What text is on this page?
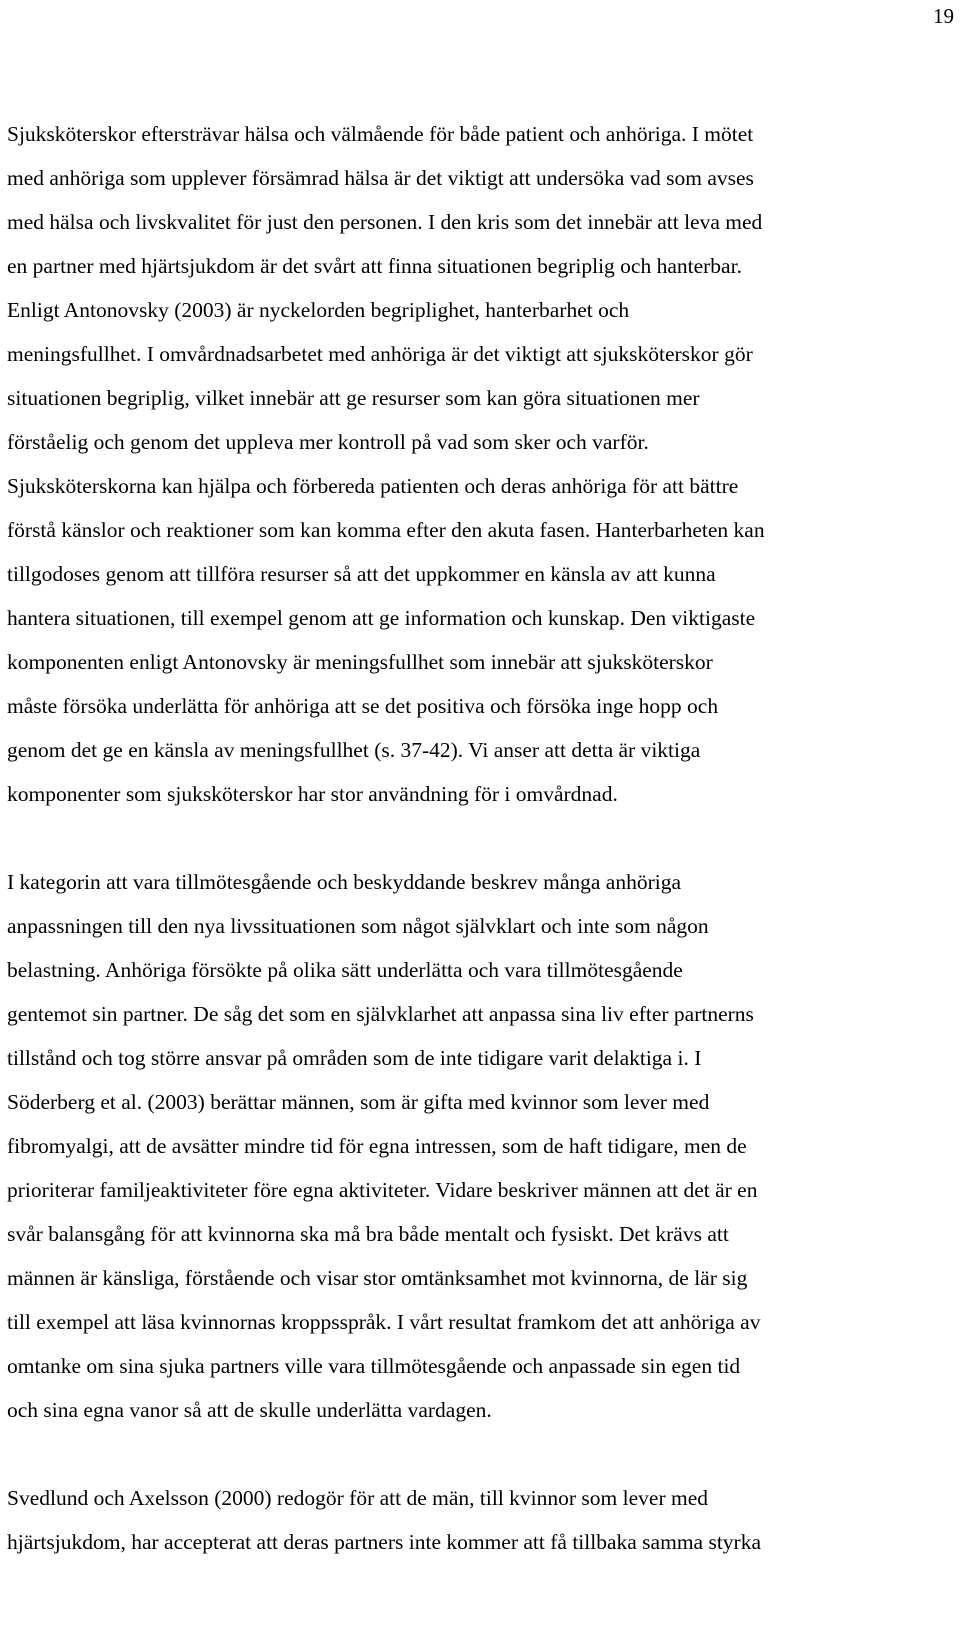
19
Sjuksköterskor eftersträvar hälsa och välmående för både patient och anhöriga. I mötet
med anhöriga som upplever försämrad hälsa är det viktigt att undersöka vad som avses
med hälsa och livskvalitet för just den personen. I den kris som det innebär att leva med
en partner med hjärtsjukdom är det svårt att finna situationen begriplig och hanterbar.
Enligt Antonovsky (2003) är nyckelorden begriplighet, hanterbarhet och
meningsfullhet. I omvårdnadsarbetet med anhöriga är det viktigt att sjuksköterskor gör
situationen begriplig, vilket innebär att ge resurser som kan göra situationen mer
förståelig och genom det uppleva mer kontroll på vad som sker och varför.
Sjuksköterskorna kan hjälpa och förbereda patienten och deras anhöriga för att bättre
förstå känslor och reaktioner som kan komma efter den akuta fasen. Hanterbarheten kan
tillgodoses genom att tillföra resurser så att det uppkommer en känsla av att kunna
hantera situationen, till exempel genom att ge information och kunskap. Den viktigaste
komponenten enligt Antonovsky är meningsfullhet som innebär att sjuksköterskor
måste försöka underlätta för anhöriga att se det positiva och försöka inge hopp och
genom det ge en känsla av meningsfullhet (s. 37-42). Vi anser att detta är viktiga
komponenter som sjuksköterskor har stor användning för i omvårdnad.
I kategorin att vara tillmötesgående och beskyddande beskrev många anhöriga
anpassningen till den nya livssituationen som något självklart och inte som någon
belastning. Anhöriga försökte på olika sätt underlätta och vara tillmötesgående
gentemot sin partner. De såg det som en självklarhet att anpassa sina liv efter partnerns
tillstånd och tog större ansvar på områden som de inte tidigare varit delaktiga i. I
Söderberg et al. (2003) berättar männen, som är gifta med kvinnor som lever med
fibromyalgi, att de avsätter mindre tid för egna intressen, som de haft tidigare, men de
prioriterar familjeaktiviteter före egna aktiviteter. Vidare beskriver männen att det är en
svår balansgång för att kvinnorna ska må bra både mentalt och fysiskt. Det krävs att
männen är känsliga, förstående och visar stor omtänksamhet mot kvinnorna, de lär sig
till exempel att läsa kvinnornas kroppsspråk. I vårt resultat framkom det att anhöriga av
omtanke om sina sjuka partners ville vara tillmötesgående och anpassade sin egen tid
och sina egna vanor så att de skulle underlätta vardagen.
Svedlund och Axelsson (2000) redogör för att de män, till kvinnor som lever med
hjärtsjukdom, har accepterat att deras partners inte kommer att få tillbaka samma styrka
